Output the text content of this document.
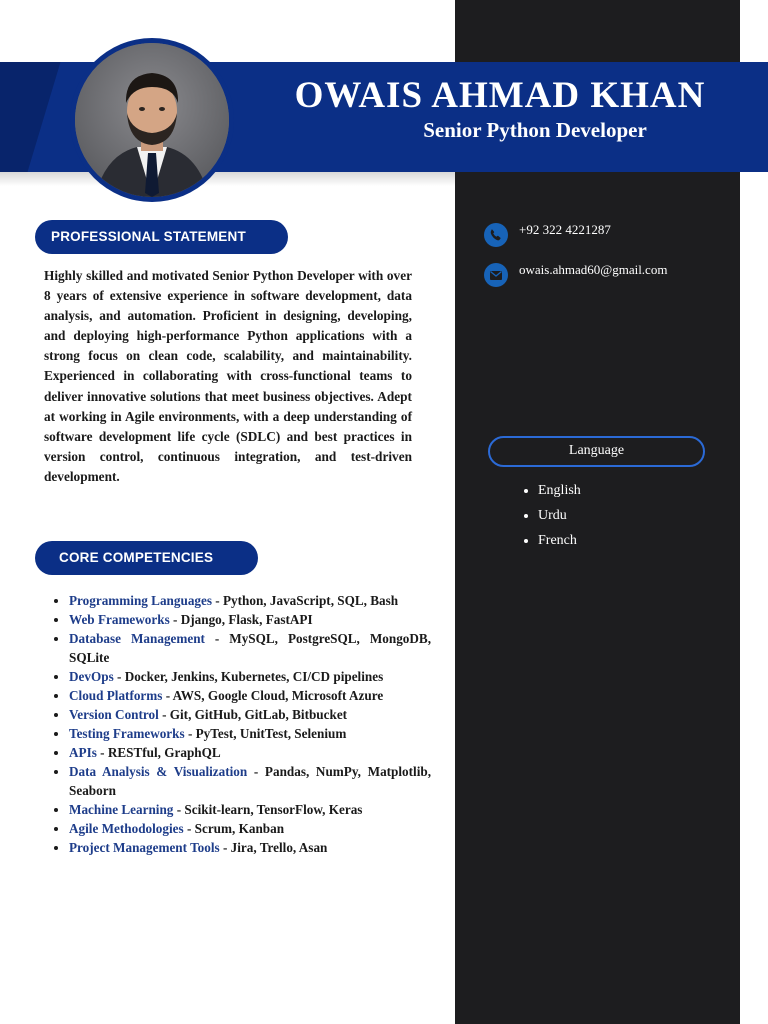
OWAIS AHMAD KHAN
Senior Python Developer
PROFESSIONAL STATEMENT

Highly skilled and motivated Senior Python Developer with over 8 years of extensive experience in software development, data analysis, and automation. Proficient in designing, developing, and deploying high-performance Python applications with a strong focus on clean code, scalability, and maintainability. Experienced in collaborating with cross-functional teams to deliver innovative solutions that meet business objectives. Adept at working in Agile environments, with a deep understanding of software development life cycle (SDLC) and best practices in version control, continuous integration, and test-driven development.

CORE COMPETENCIES
• Programming Languages - Python, JavaScript, SQL, Bash
• Web Frameworks - Django, Flask, FastAPI
• Database Management - MySQL, PostgreSQL, MongoDB, SQLite
• DevOps - Docker, Jenkins, Kubernetes, CI/CD pipelines
• Cloud Platforms - AWS, Google Cloud, Microsoft Azure
• Version Control - Git, GitHub, GitLab, Bitbucket
• Testing Frameworks - PyTest, UnitTest, Selenium
• APIs - RESTful, GraphQL
• Data Analysis & Visualization - Pandas, NumPy, Matplotlib, Seaborn
• Machine Learning - Scikit-learn, TensorFlow, Keras
• Agile Methodologies - Scrum, Kanban
• Project Management Tools - Jira, Trello, Asan
+92 322 4221287
owais.ahmad60@gmail.com
Language
• English
• Urdu
• French
